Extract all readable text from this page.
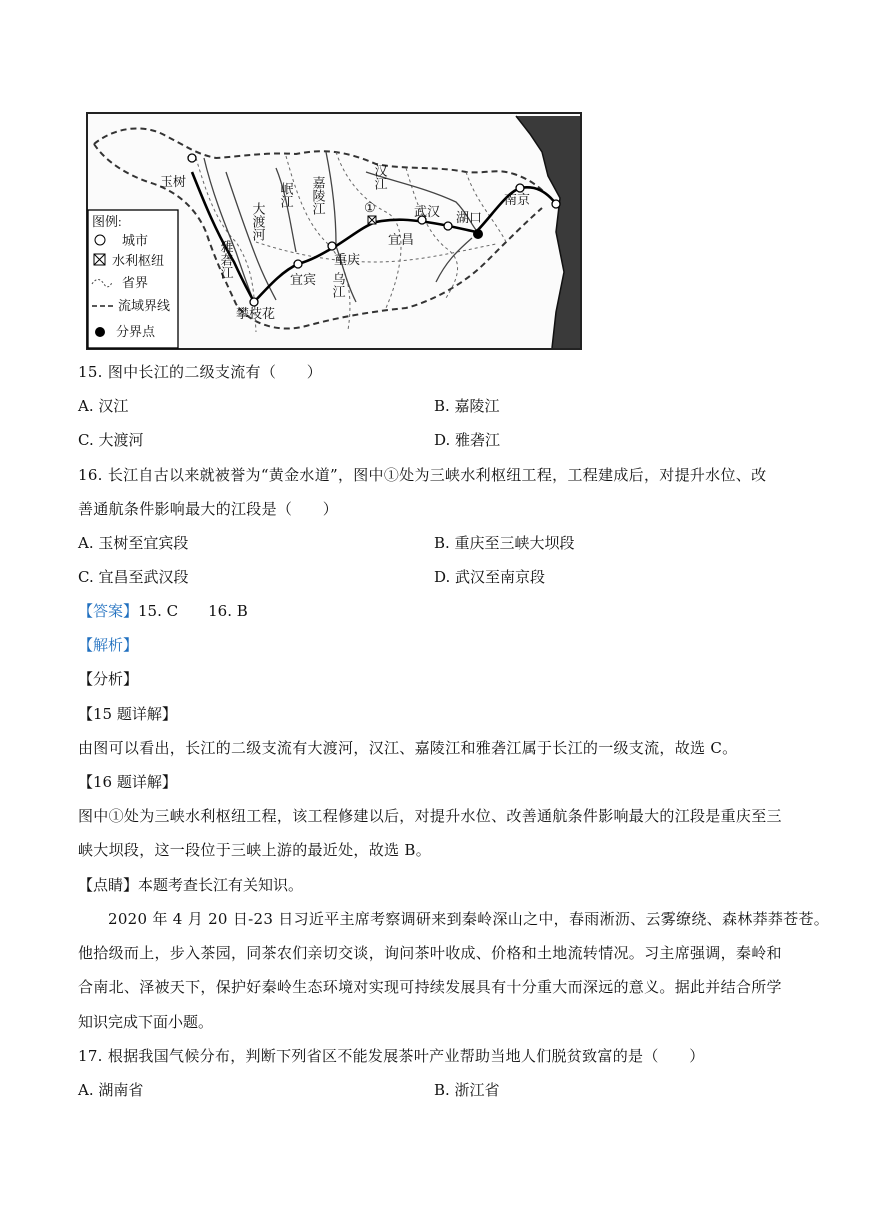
玉树
攀枝花
宜宾
重庆
宜昌
武汉 湖口
南京
①
雅砻江
大渡河
岷江 嘉陵江
乌江
汉江
图例:
城市
水利枢纽
省界
流域界线
分界点
15. 图中长江的二级支流有（　　）
A. 汉江	B. 嘉陵江
C. 大渡河	D. 雅砻江
16. 长江自古以来就被誉为“黄金水道”，图中①处为三峡水利枢纽工程，工程建成后，对提升水位、改
善通航条件影响最大的江段是（　　）
A. 玉树至宜宾段	B. 重庆至三峡大坝段
C. 宜昌至武汉段	D. 武汉至南京段
【答案】15. C　　16. B
【解析】
【分析】
【15 题详解】
由图可以看出，长江的二级支流有大渡河，汉江、嘉陵江和雅砻江属于长江的一级支流，故选 C。
【16 题详解】
图中①处为三峡水利枢纽工程，该工程修建以后，对提升水位、改善通航条件影响最大的江段是重庆至三
峡大坝段，这一段位于三峡上游的最近处，故选 B。
【点睛】本题考查长江有关知识。
2020 年 4 月 20 日-23 日习近平主席考察调研来到秦岭深山之中，春雨淅沥、云雾缭绕、森林莽莽苍苍。
他拾级而上，步入茶园，同茶农们亲切交谈，询问茶叶收成、价格和土地流转情况。习主席强调，秦岭和
合南北、泽被天下，保护好秦岭生态环境对实现可持续发展具有十分重大而深远的意义。据此并结合所学
知识完成下面小题。
17. 根据我国气候分布，判断下列省区不能发展茶叶产业帮助当地人们脱贫致富的是（　　）
A. 湖南省	B. 浙江省
